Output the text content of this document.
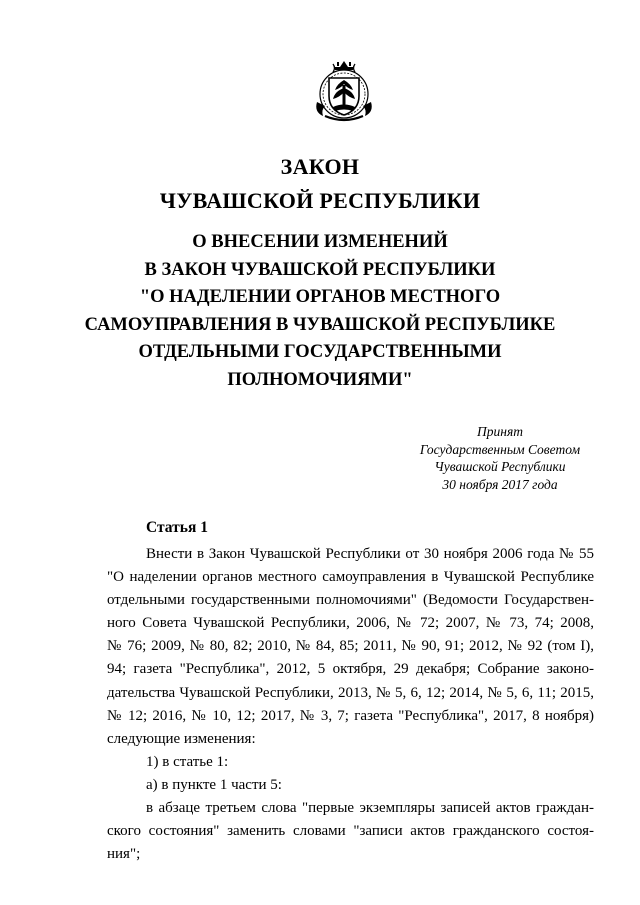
ЗАКОН
ЧУВАШСКОЙ РЕСПУБЛИКИ
О ВНЕСЕНИИ ИЗМЕНЕНИЙ
В ЗАКОН ЧУВАШСКОЙ РЕСПУБЛИКИ
"О НАДЕЛЕНИИ ОРГАНОВ МЕСТНОГО
САМОУПРАВЛЕНИЯ В ЧУВАШСКОЙ РЕСПУБЛИКЕ
ОТДЕЛЬНЫМИ ГОСУДАРСТВЕННЫМИ
ПОЛНОМОЧИЯМИ"
Принят
Государственным Советом
Чувашской Республики
30 ноября 2017 года
Статья 1
Внести в Закон Чувашской Республики от 30 ноября 2006 года № 55
"О наделении органов местного самоуправления в Чувашской Республике
отдельными государственными полномочиями" (Ведомости Государствен-
ного Совета Чувашской Республики, 2006, № 72; 2007, № 73, 74; 2008,
№ 76; 2009, № 80, 82; 2010, № 84, 85; 2011, № 90, 91; 2012, № 92 (том I),
94; газета "Республика", 2012, 5 октября, 29 декабря; Собрание законо-
дательства Чувашской Республики, 2013, № 5, 6, 12; 2014, № 5, 6, 11; 2015,
№ 12; 2016, № 10, 12; 2017, № 3, 7; газета "Республика", 2017, 8 ноября)
следующие изменения:
1) в статье 1:
а) в пункте 1 части 5:
в абзаце третьем слова "первые экземпляры записей актов граждан-
ского состояния" заменить словами "записи актов гражданского состоя-
ния";
